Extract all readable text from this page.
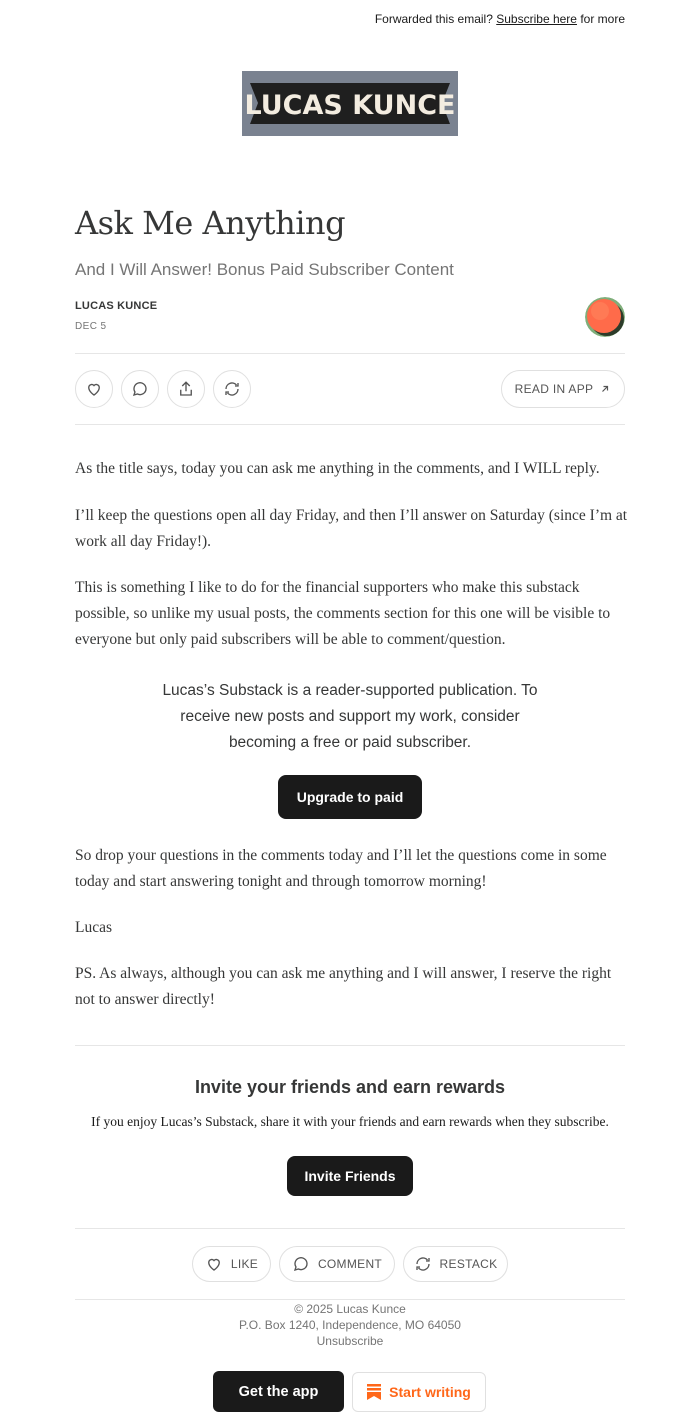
Forwarded this email? Subscribe here for more
LUCAS KUNCE
Ask Me Anything
And I Will Answer! Bonus Paid Subscriber Content
LUCAS KUNCE
DEC 5
READ IN APP

As the title says, today you can ask me anything in the comments, and I WILL reply.

I’ll keep the questions open all day Friday, and then I’ll answer on Saturday (since I’m at work all day Friday!).

This is something I like to do for the financial supporters who make this substack possible, so unlike my usual posts, the comments section for this one will be visible to everyone but only paid subscribers will be able to comment/question.

Lucas’s Substack is a reader-supported publication. To receive new posts and support my work, consider becoming a free or paid subscriber.

Upgrade to paid

So drop your questions in the comments today and I’ll let the questions come in some today and start answering tonight and through tomorrow morning!

Lucas

PS. As always, although you can ask me anything and I will answer, I reserve the right not to answer directly!

Invite your friends and earn rewards
If you enjoy Lucas’s Substack, share it with your friends and earn rewards when they subscribe.
Invite Friends
LIKE	COMMENT	RESTACK
© 2025 Lucas Kunce
P.O. Box 1240, Independence, MO 64050
Unsubscribe
Get the app	Start writing
